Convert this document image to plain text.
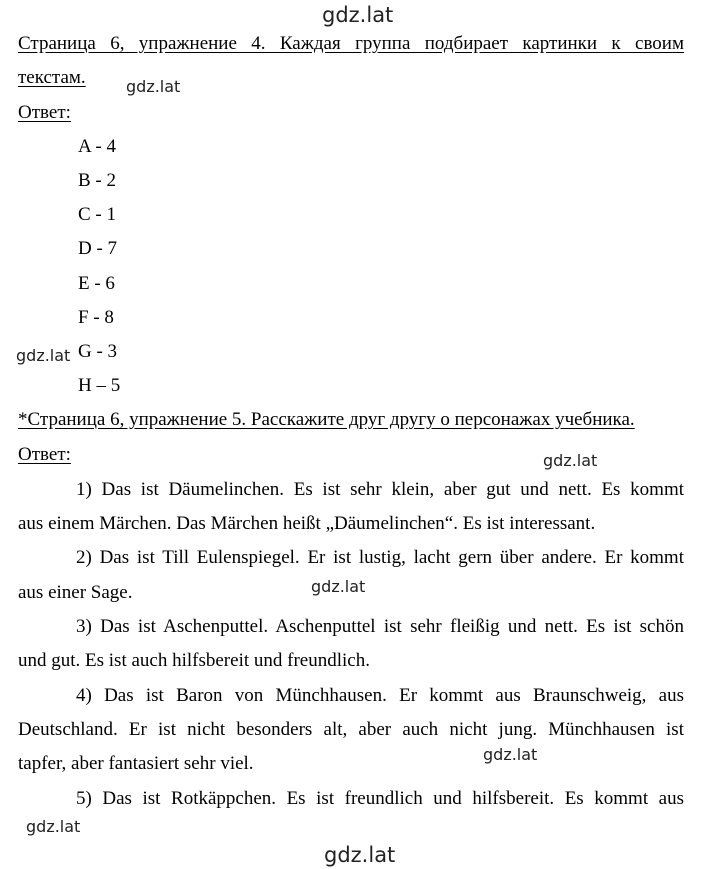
gdz.lat
gdz.lat
gdz.lat
gdz.lat
gdz.lat
gdz.lat
gdz.lat
gdz.lat
Страница 6, упражнение 4. Каждая группа подбирает картинки к своим
текстам.
Ответ:
A - 4
B - 2
C - 1
D - 7
E - 6
F - 8
G - 3
H – 5
*Страница 6, упражнение 5. Расскажите друг другу о персонажах учебника.
Ответ:
1) Das ist Däumelinchen. Es ist sehr klein, aber gut und nett. Es kommt
aus einem Märchen. Das Märchen heißt „Däumelinchen“. Es ist interessant.
2) Das ist Till Eulenspiegel. Er ist lustig, lacht gern über andere. Er kommt
aus einer Sage.
3) Das ist Aschenputtel. Aschenputtel ist sehr fleißig und nett. Es ist schön
und gut. Es ist auch hilfsbereit und freundlich.
4) Das ist Baron von Münchhausen. Er kommt aus Braunschweig, aus
Deutschland. Er ist nicht besonders alt, aber auch nicht jung. Münchhausen ist
tapfer, aber fantasiert sehr viel.
5) Das ist Rotkäppchen. Es ist freundlich und hilfsbereit. Es kommt aus
